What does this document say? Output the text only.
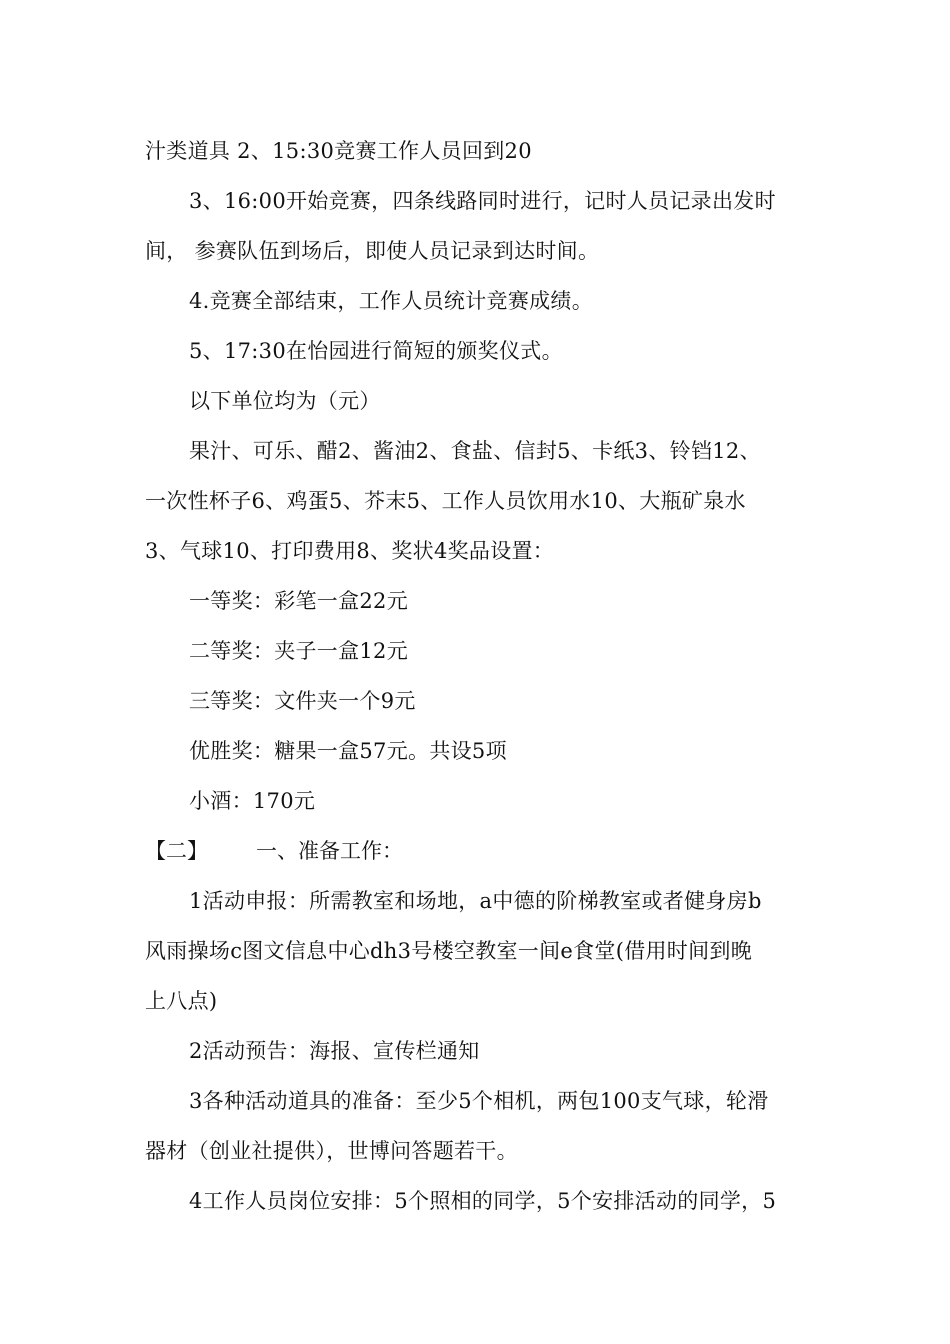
汁类道具 2、15:30竞赛工作人员回到20
3、16:00开始竞赛，四条线路同时进行，记时人员记录出发时
间， 参赛队伍到场后，即使人员记录到达时间。
4.竞赛全部结束，工作人员统计竞赛成绩。
5、17:30在怡园进行简短的颁奖仪式。
以下单位均为（元）
果汁、可乐、醋2、酱油2、食盐、信封5、卡纸3、铃铛12、
一次性杯子6、鸡蛋5、芥末5、工作人员饮用水10、大瓶矿泉水
3、气球10、打印费用8、奖状4奖品设置：
一等奖：彩笔一盒22元
二等奖：夹子一盒12元
三等奖：文件夹一个9元
优胜奖：糖果一盒57元。共设5项
小酒：170元
【二】 一、准备工作：
1活动申报：所需教室和场地，a中德的阶梯教室或者健身房b
风雨操场c图文信息中心dh3号楼空教室一间e食堂(借用时间到晚
上八点)
2活动预告：海报、宣传栏通知
3各种活动道具的准备：至少5个相机，两包100支气球，轮滑
器材（创业社提供），世博问答题若干。
4工作人员岗位安排：5个照相的同学，5个安排活动的同学，5
